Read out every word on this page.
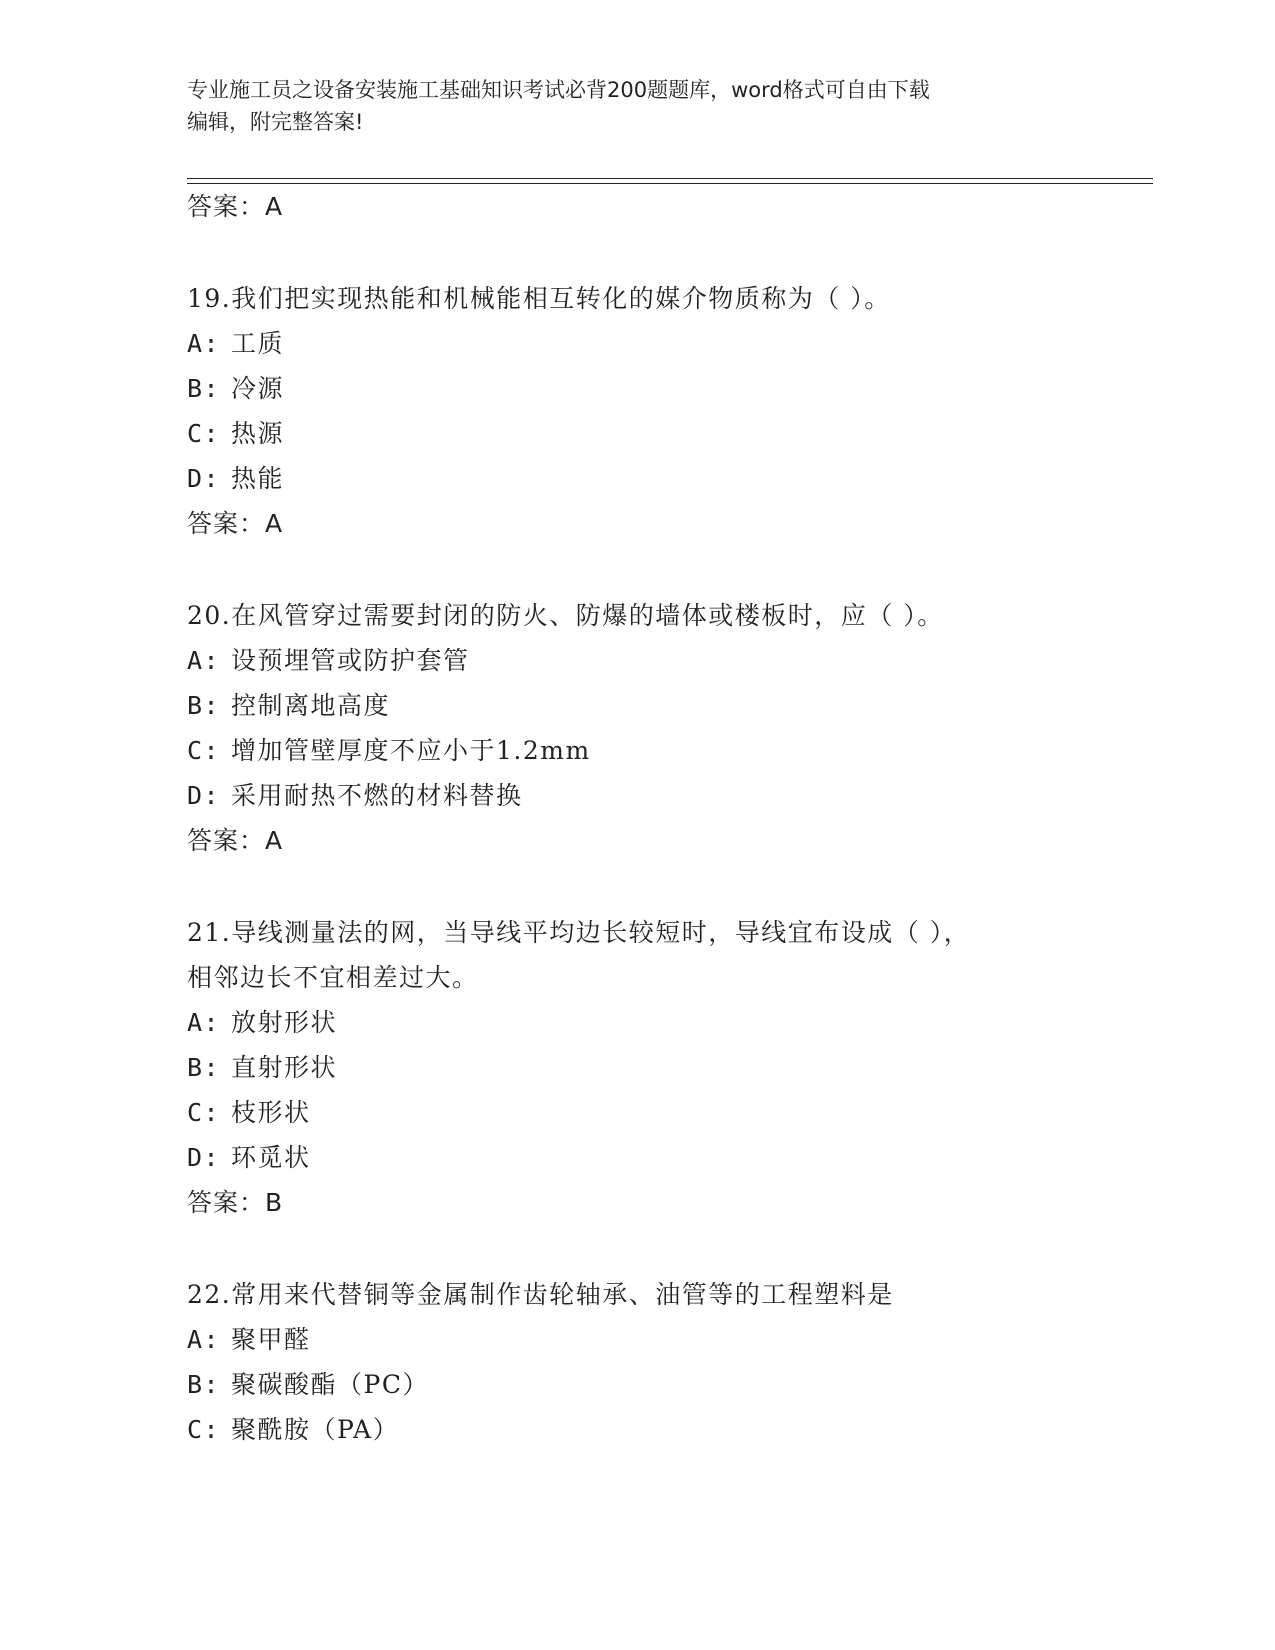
专业施工员之设备安装施工基础知识考试必背200题题库，word格式可自由下载
编辑，附完整答案!
答案：A
19.我们把实现热能和机械能相互转化的媒介物质称为（ ）。
A: 工质
B: 冷源
C: 热源
D: 热能
答案：A
20.在风管穿过需要封闭的防火、防爆的墙体或楼板时，应（ ）。
A: 设预埋管或防护套管
B: 控制离地高度
C: 增加管壁厚度不应小于1.2mm
D: 采用耐热不燃的材料替换
答案：A
21.导线测量法的网，当导线平均边长较短时，导线宜布设成（ ），
相邻边长不宜相差过大。
A: 放射形状
B: 直射形状
C: 枝形状
D: 环觅状
答案：B
22.常用来代替铜等金属制作齿轮轴承、油管等的工程塑料是
A: 聚甲醛
B: 聚碳酸酯（PC）
C: 聚酰胺（PA）
